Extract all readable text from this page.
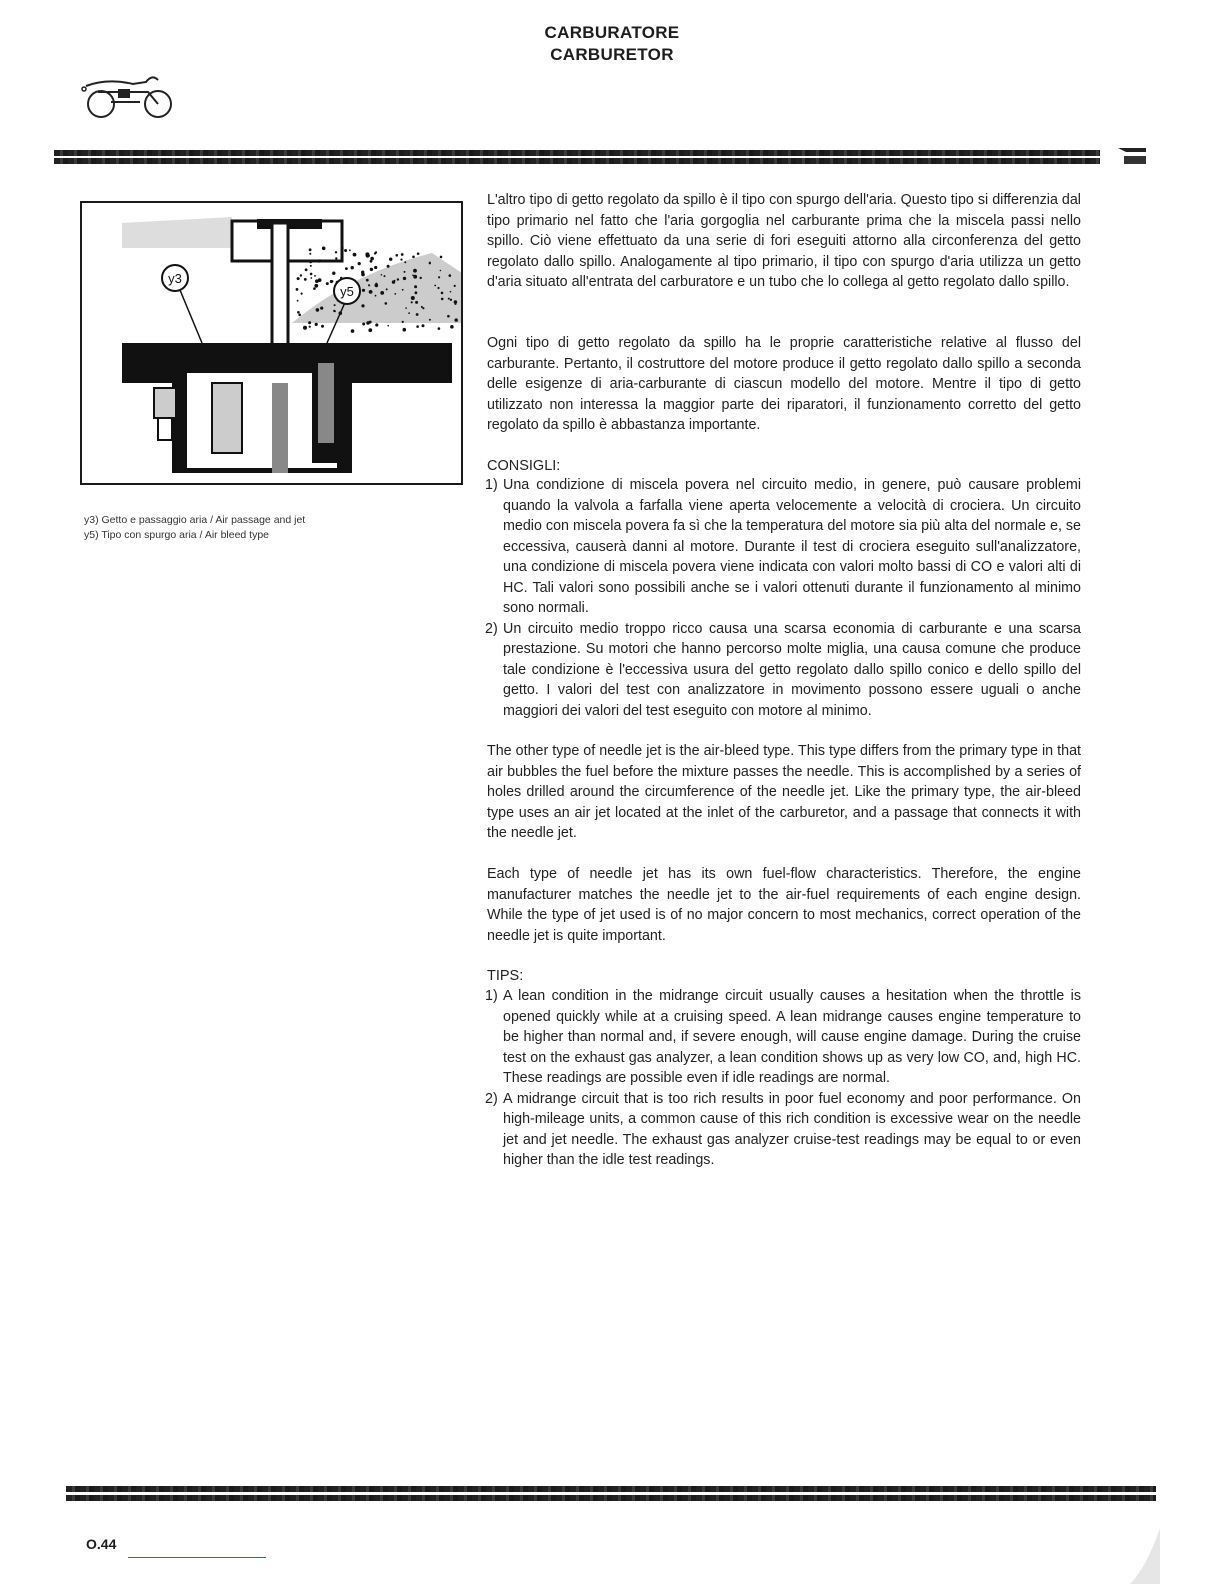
CARBURATORE
CARBURETOR
y3
y5
y3) Getto e passaggio aria / Air passage and jet
y5) Tipo con spurgo aria / Air bleed type

L'altro tipo di getto regolato da spillo è il tipo con spurgo dell'aria. Questo tipo si differenzia dal tipo primario nel fatto che l'aria gorgoglia nel carburante prima che la miscela passi nello spillo. Ciò viene effettuato da una serie di fori eseguiti attorno alla circonferenza del getto regolato dallo spillo. Analogamente al tipo primario, il tipo con spurgo d'aria utilizza un getto d'aria situato all'entrata del carburatore e un tubo che lo collega al getto regolato dallo spillo.

Ogni tipo di getto regolato da spillo ha le proprie caratteristiche relative al flusso del carburante. Pertanto, il costruttore del motore produce il getto regolato dallo spillo a seconda delle esigenze di aria-carburante di ciascun modello del motore. Mentre il tipo di getto utilizzato non interessa la maggior parte dei riparatori, il funzionamento corretto del getto regolato da spillo è abbastanza importante.

CONSIGLI:
1) Una condizione di miscela povera nel circuito medio, in genere, può causare problemi quando la valvola a farfalla viene aperta velocemente a velocità di crociera. Un circuito medio con miscela povera fa sì che la temperatura del motore sia più alta del normale e, se eccessiva, causerà danni al motore. Durante il test di crociera eseguito sull'analizzatore, una condizione di miscela povera viene indicata con valori molto bassi di CO e valori alti di HC. Tali valori sono possibili anche se i valori ottenuti durante il funzionamento al minimo sono normali.
2) Un circuito medio troppo ricco causa una scarsa economia di carburante e una scarsa prestazione. Su motori che hanno percorso molte miglia, una causa comune che produce tale condizione è l'eccessiva usura del getto regolato dallo spillo conico e dello spillo del getto. I valori del test con analizzatore in movimento possono essere uguali o anche maggiori dei valori del test eseguito con motore al minimo.

The other type of needle jet is the air-bleed type. This type differs from the primary type in that air bubbles the fuel before the mixture passes the needle. This is accomplished by a series of holes drilled around the circumference of the needle jet. Like the primary type, the air-bleed type uses an air jet located at the inlet of the carburetor, and a passage that connects it with the needle jet.

Each type of needle jet has its own fuel-flow characteristics. Therefore, the engine manufacturer matches the needle jet to the air-fuel requirements of each engine design. While the type of jet used is of no major concern to most mechanics, correct operation of the needle jet is quite important.

TIPS:
1) A lean condition in the midrange circuit usually causes a hesitation when the throttle is opened quickly while at a cruising speed. A lean midrange causes engine temperature to be higher than normal and, if severe enough, will cause engine damage. During the cruise test on the exhaust gas analyzer, a lean condition shows up as very low CO, and, high HC. These readings are possible even if idle readings are normal.
2) A midrange circuit that is too rich results in poor fuel economy and poor performance. On high-mileage units, a common cause of this rich condition is excessive wear on the needle jet and jet needle. The exhaust gas analyzer cruise-test readings may be equal to or even higher than the idle test readings.
O.44
